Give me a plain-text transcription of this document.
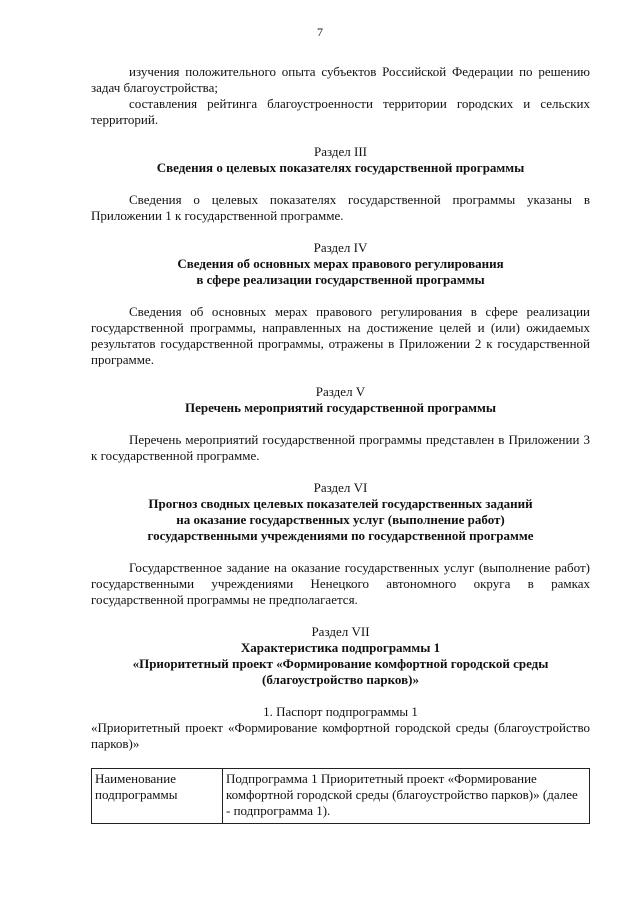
7

изучения положительного опыта субъектов Российской Федерации по решению задач благоустройства;

составления рейтинга благоустроенности территории городских и сельских территорий.

Раздел III
Сведения о целевых показателях государственной программы

Сведения о целевых показателях государственной программы указаны в Приложении 1 к государственной программе.

Раздел IV
Сведения об основных мерах правового регулирования
в сфере реализации государственной программы

Сведения об основных мерах правового регулирования в сфере реализации государственной программы, направленных на достижение целей и (или) ожидаемых результатов государственной программы, отражены в Приложении 2 к государственной программе.

Раздел V
Перечень мероприятий государственной программы

Перечень мероприятий государственной программы представлен в Приложении 3 к государственной программе.

Раздел VI
Прогноз сводных целевых показателей государственных заданий
на оказание государственных услуг (выполнение работ)
государственными учреждениями по государственной программе

Государственное задание на оказание государственных услуг (выполнение работ) государственными учреждениями Ненецкого автономного округа в рамках государственной программы не предполагается.

Раздел VII
Характеристика подпрограммы 1
«Приоритетный проект «Формирование комфортной городской среды
(благоустройство парков)»
1. Паспорт подпрограммы 1

«Приоритетный проект «Формирование комфортной городской среды (благоустройство парков)»

Наименование подпрограммы	Подпрограмма 1 Приоритетный проект «Формирование комфортной городской среды (благоустройство парков)» (далее - подпрограмма 1).
